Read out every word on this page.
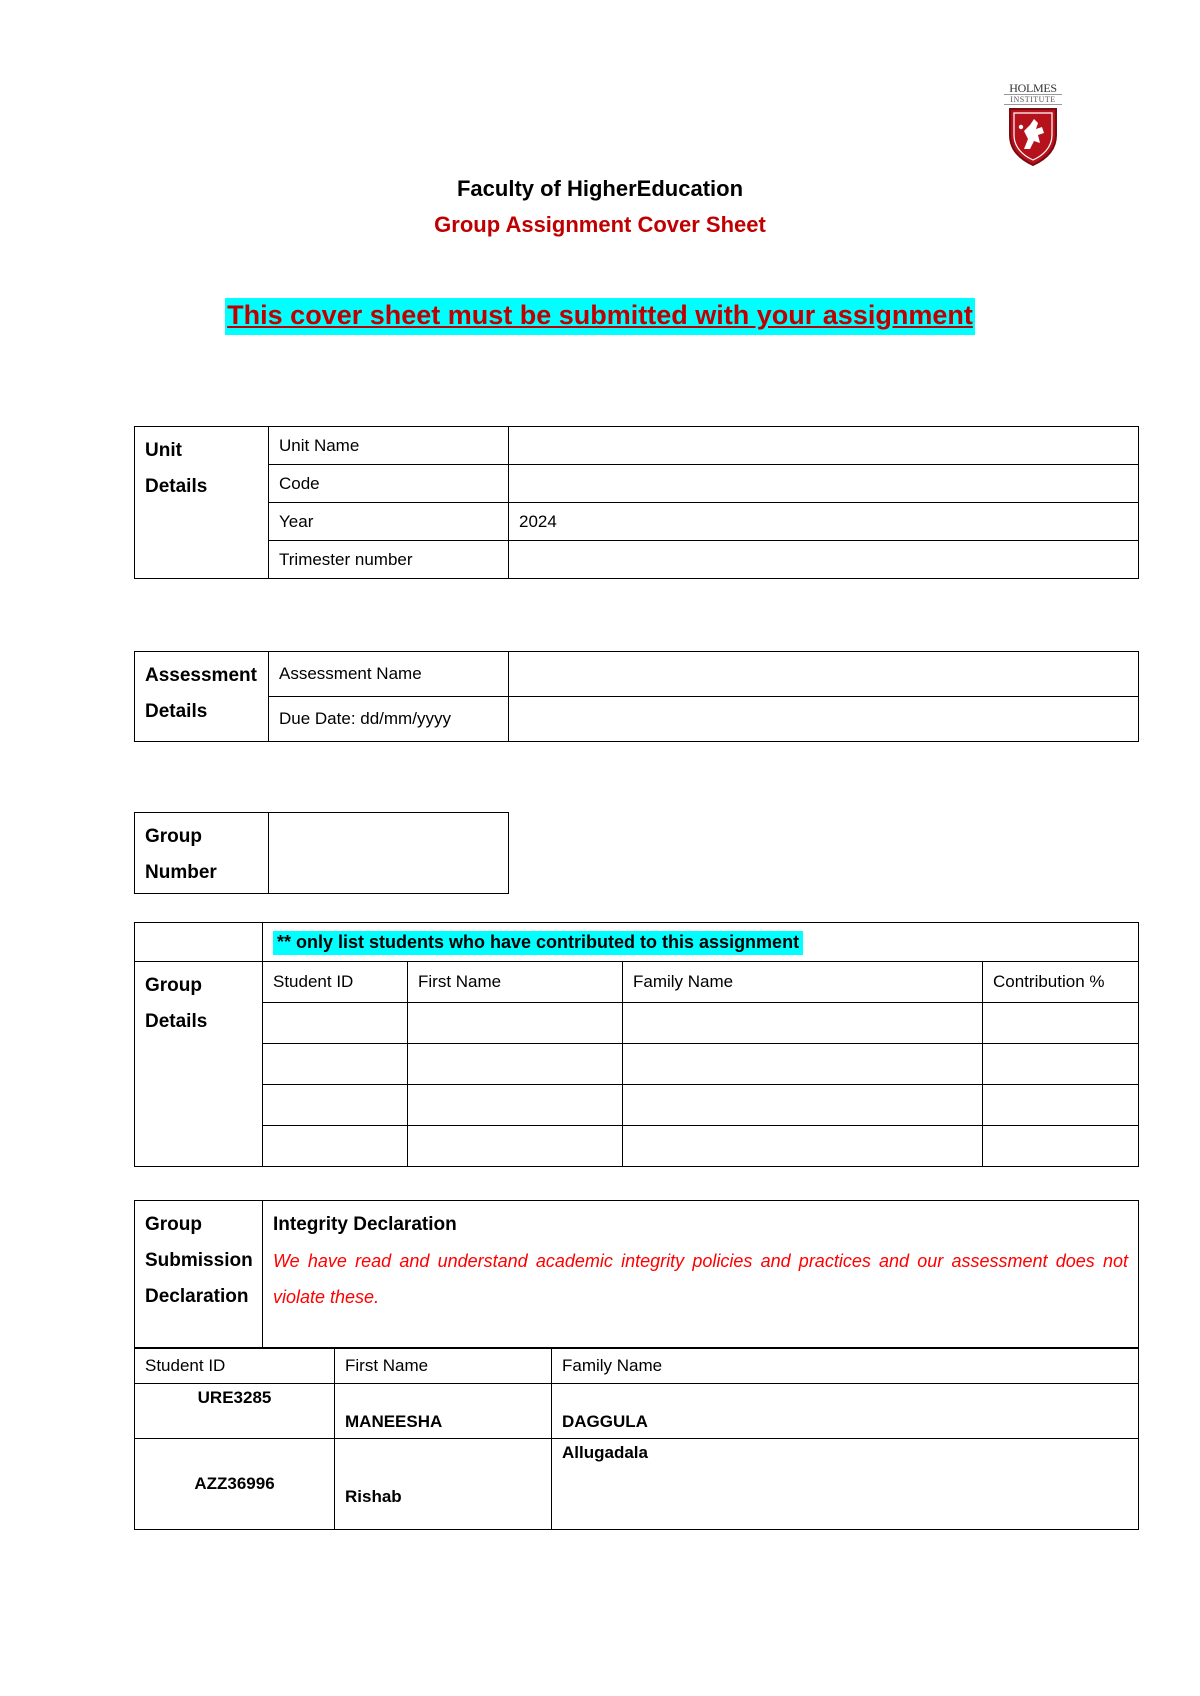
HOLMES
INSTITUTE
Faculty of HigherEducation
Group Assignment Cover Sheet
This cover sheet must be submitted with your assignment
Unit
Details	Unit Name	
	Code	
	Year	2024
	Trimester number	
Assessment
Details	Assessment Name	
	Due Date: dd/mm/yyyy	
Group
Number

	** only list students who have contributed to this assignment			

Group
Details	Student ID	First Name	Family Name	Contribution %

Group
Submission
Declaration

Integrity Declaration
We have read and understand academic integrity policies and practices and our assessment does not violate these.
Student ID	First Name	Family Name
URE3285	MANEESHA	DAGGULA
AZZ36996	Rishab	Allugadala
